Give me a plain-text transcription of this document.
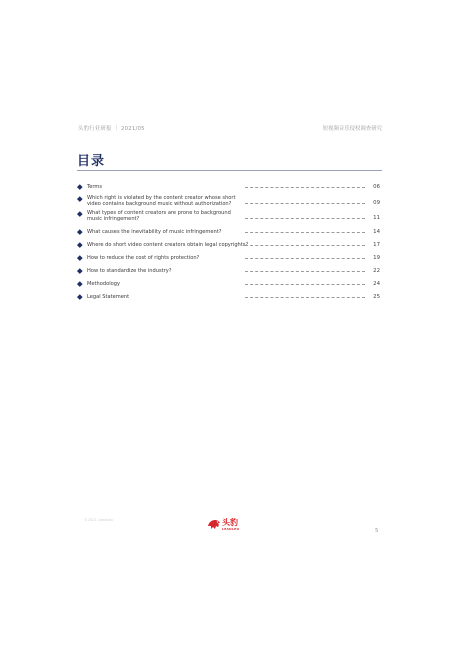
头豹行业研报 ｜ 2021/05	短视频音乐侵权调查研究
目录
Terms	06
Which right is violated by the content creator whose short video contains background music without authorization?	09
What types of content creators are prone to background music infringement?	11
What causes the inevitability of music infringement?	14
Where do short video content creators obtain legal copyrights?	17
How to reduce the cost of rights protection?	19
How to standardize the industry?	22
Methodology	24
Legal Statement	25
©2021 LeadLeo	头豹
LEADLEO	5
